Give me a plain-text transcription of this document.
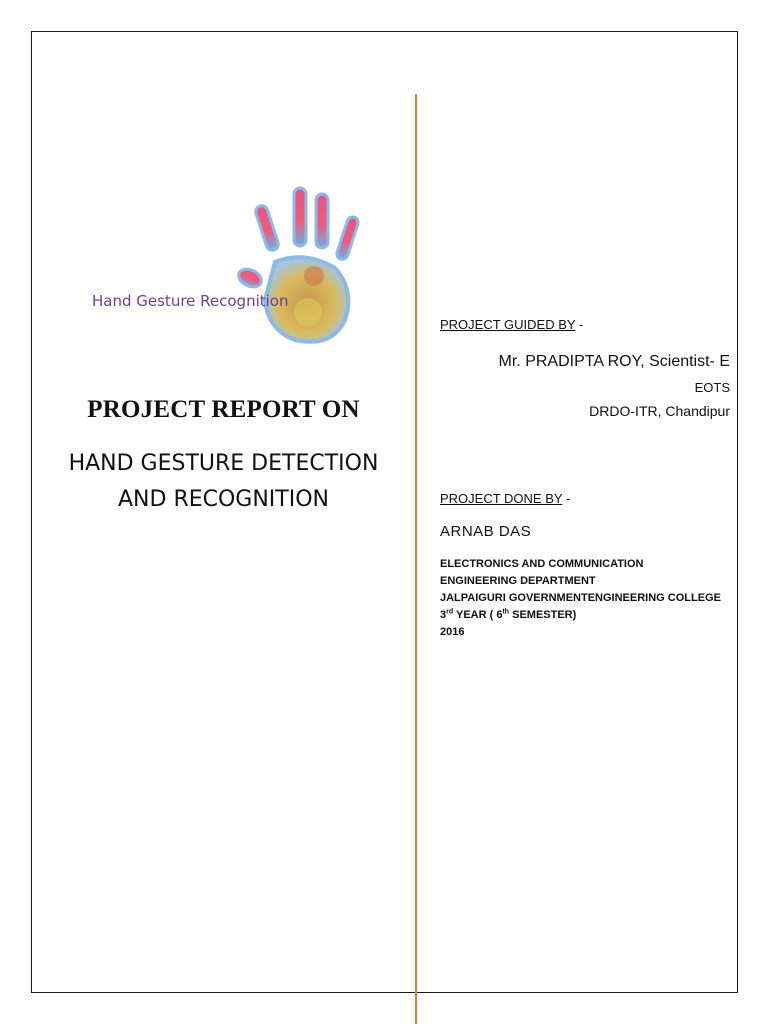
Hand Gesture Recognition
PROJECT REPORT ON
HAND GESTURE DETECTION
AND RECOGNITION
PROJECT GUIDED BY -
Mr. PRADIPTA ROY, Scientist- E
EOTS
DRDO-ITR, Chandipur
PROJECT DONE BY -
ARNAB DAS
ELECTRONICS AND COMMUNICATION
ENGINEERING DEPARTMENT
JALPAIGURI GOVERNMENTENGINEERING COLLEGE
3rd YEAR ( 6th SEMESTER)
2016
